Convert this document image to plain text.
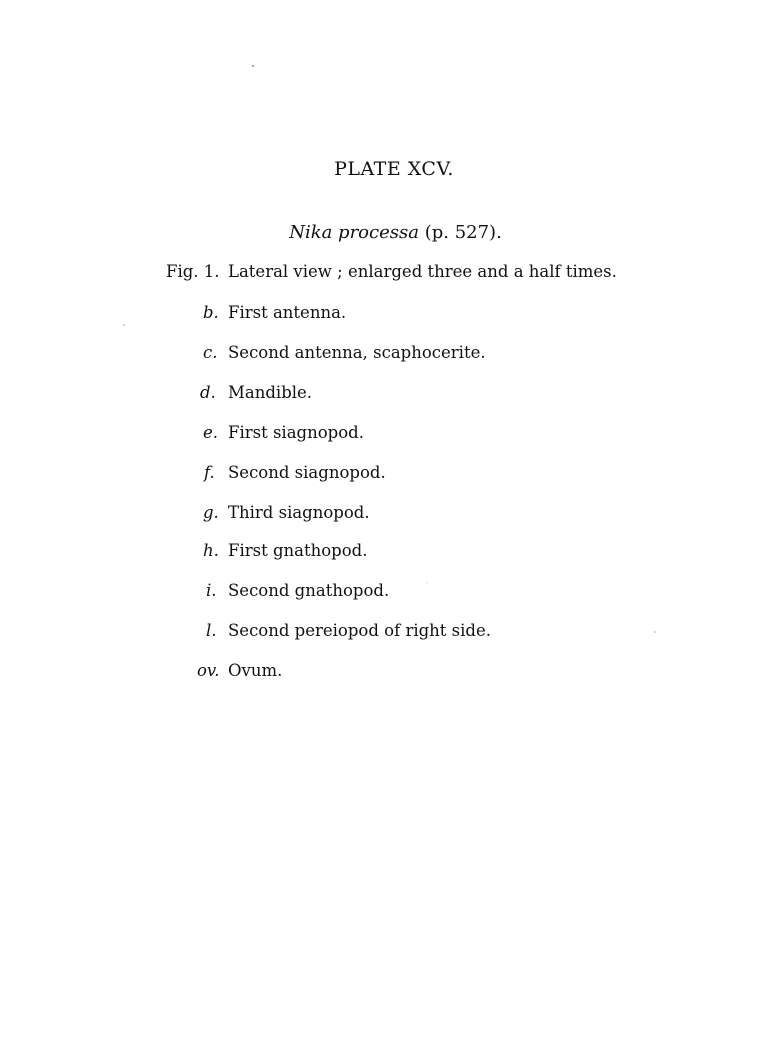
PLATE XCV.
Nika processa (p. 527).
Fig. 1. Lateral view ; enlarged three and a half times.
b. First antenna.
c. Second antenna, scaphocerite.
d. Mandible.
e. First siagnopod.
f. Second siagnopod.
g. Third siagnopod.
h. First gnathopod.
i. Second gnathopod.
l. Second pereiopod of right side.
ov. Ovum.
